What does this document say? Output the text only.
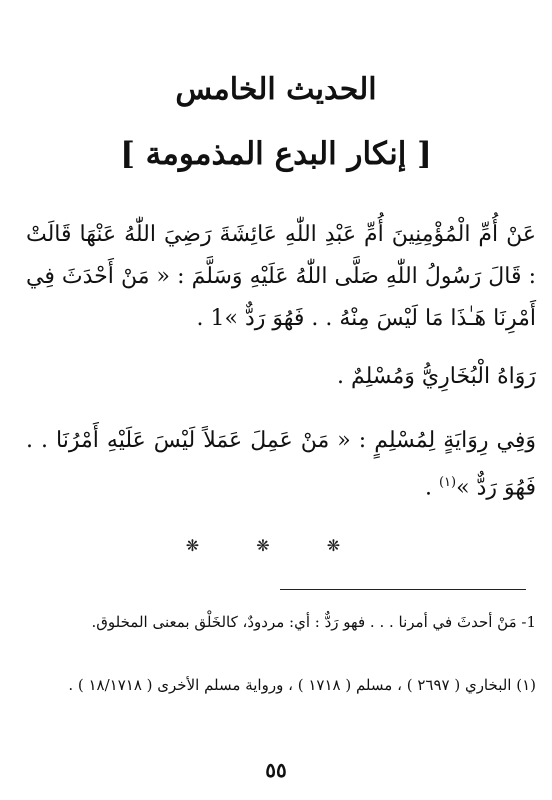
الحديث الخامس
[ إنكار البدع المذمومة ]
عَنْ أُمِّ الْمُؤْمِنِينَ أُمِّ عَبْدِ اللّٰهِ عَائِشَةَ رَضِيَ اللّٰهُ عَنْهَا قَالَتْ : قَالَ رَسُولُ اللّٰهِ صَلَّى اللّٰهُ عَلَيْهِ وَسَلَّمَ : « مَنْ أَحْدَثَ فِي أَمْرِنَا هَـٰذَا مَا لَيْسَ مِنْهُ . . فَهُوَ رَدٌّ »1 .
رَوَاهُ الْبُخَارِيُّ وَمُسْلِمٌ .
وَفِي رِوَايَةٍ لِمُسْلِمٍ : « مَنْ عَمِلَ عَمَلاً لَيْسَ عَلَيْهِ أَمْرُنَا . . فَهُوَ رَدٌّ »$^{(١)}$ .
❋ ❋ ❋
1- مَنْ أحدثَ في أمرنا . . . فهو رَدٌّ : أي: مردودٌ، كالخَلْق بمعنى المخلوق.
(١) البخاري ( ٢٦٩٧ ) ، مسلم ( ١٧١٨ ) ، ورواية مسلم الأخرى ( ١٨/١٧١٨ ) .
٥٥
